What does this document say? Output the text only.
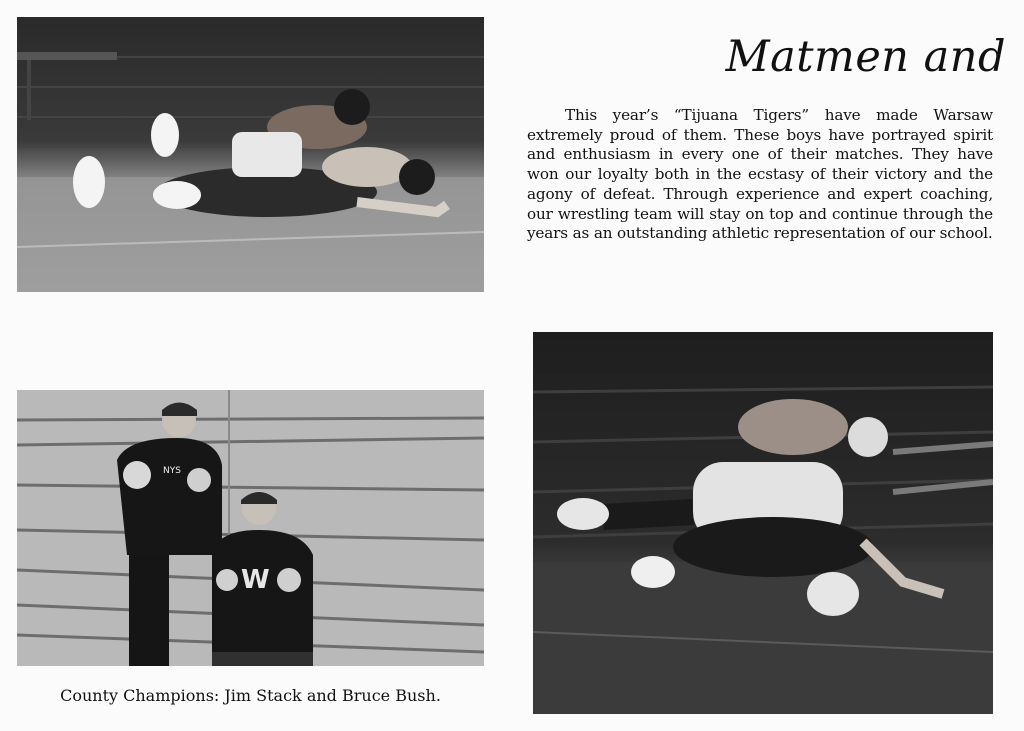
Matmen and

This year’s “Tijuana Tigers” have made Warsaw extremely proud of them. These boys have portrayed spirit and enthusiasm in every one of their matches. They have won our loyalty both in the ecstasy of their victory and the agony of defeat. Through experience and expert coaching, our wrestling team will stay on top and continue through the years as an outstanding athletic representation of our school.

NYS
W

County Champions: Jim Stack and Bruce Bush.
